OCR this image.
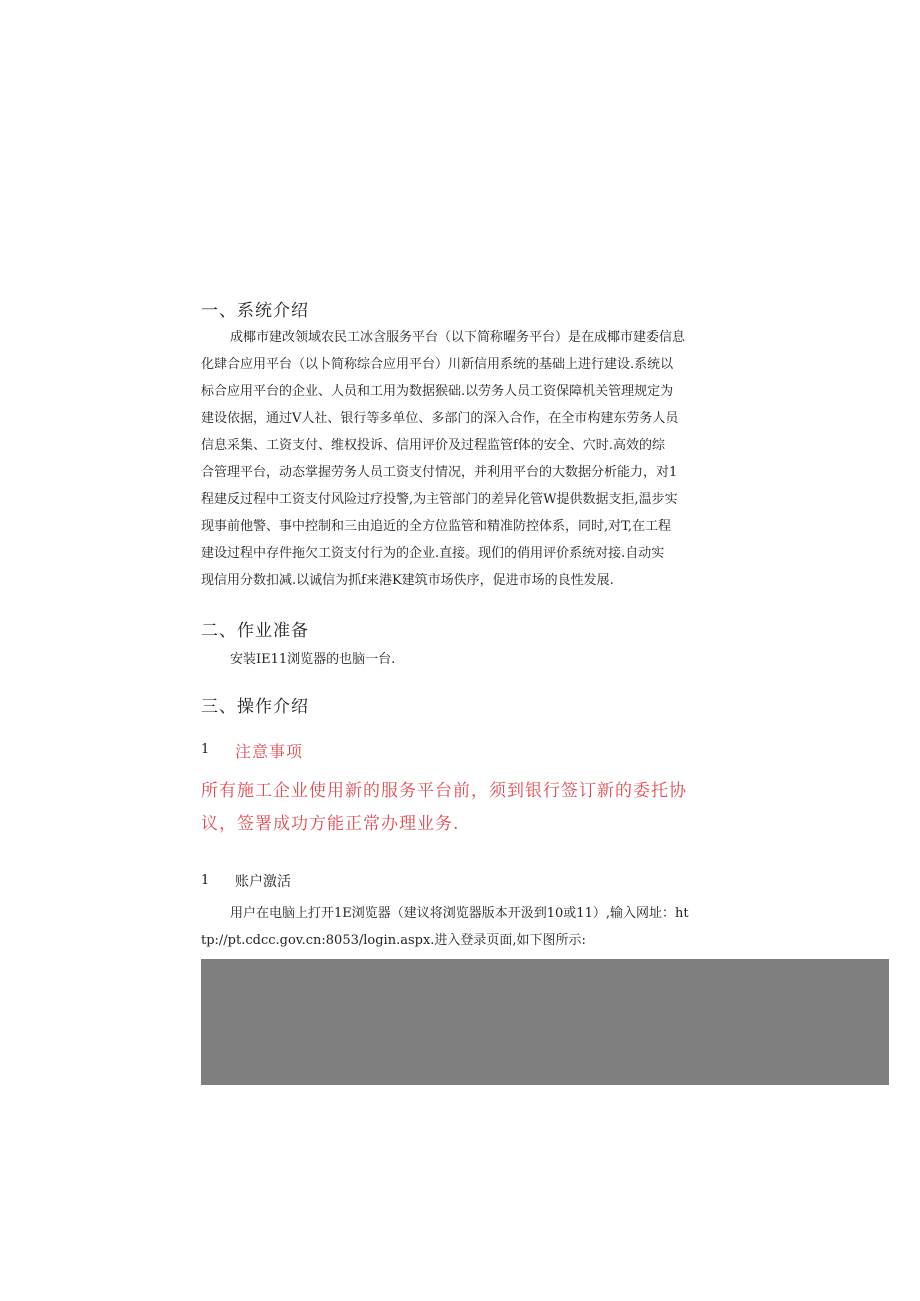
一、系统介绍
成椰市建改领域农民工冰含服务平台（以下简称曜务平台）是在成椰市建委信息
化肆合应用平台（以卜简称综合应用平台）川新信用系统的基础上进行建设.系统以
标合应用平台的企业、人员和工用为数据猴础.以劳务人员工资保障机关管理规定为
建设依据，通过V人社、银行等多单位、多部门的深入合作，在全市构建东劳务人员
信息采集、工资支付、维权投诉、信用评价及过程监管f体的安全、穴时.高效的综
合管理平台，动态掌握劳务人员工资支付情况，并利用平台的大数据分析能力，对1
程建反过程中工资支付风险过疗投警,为主管部门的差异化管W提供数据支拒,温步实
现事前他警、事中控制和三由追近的全方位监管和精准防控体系，同时,对T,在工程
建设过程中存件拖欠工资支付行为的企业.直接。现们的俏用评价系统对接.自动实
现信用分数扣减.以诚信为抓f来港K建筑市场佚序，促进市场的良性发展.
二、作业准备
安装IE11浏览器的也脑一台.
三、操作介绍
1 注意事项
所有施工企业使用新的服务平台前，须到银行签订新的委托协
议，签署成功方能正常办理业务.
1 账户激活
用户在电脑上打开1E浏览器（建议将浏览器版本开汲到10或11）,输入网址：ht
tp://pt.cdcc.gov.cn:8053/login.aspx.进入登录页面,如下图所示:
